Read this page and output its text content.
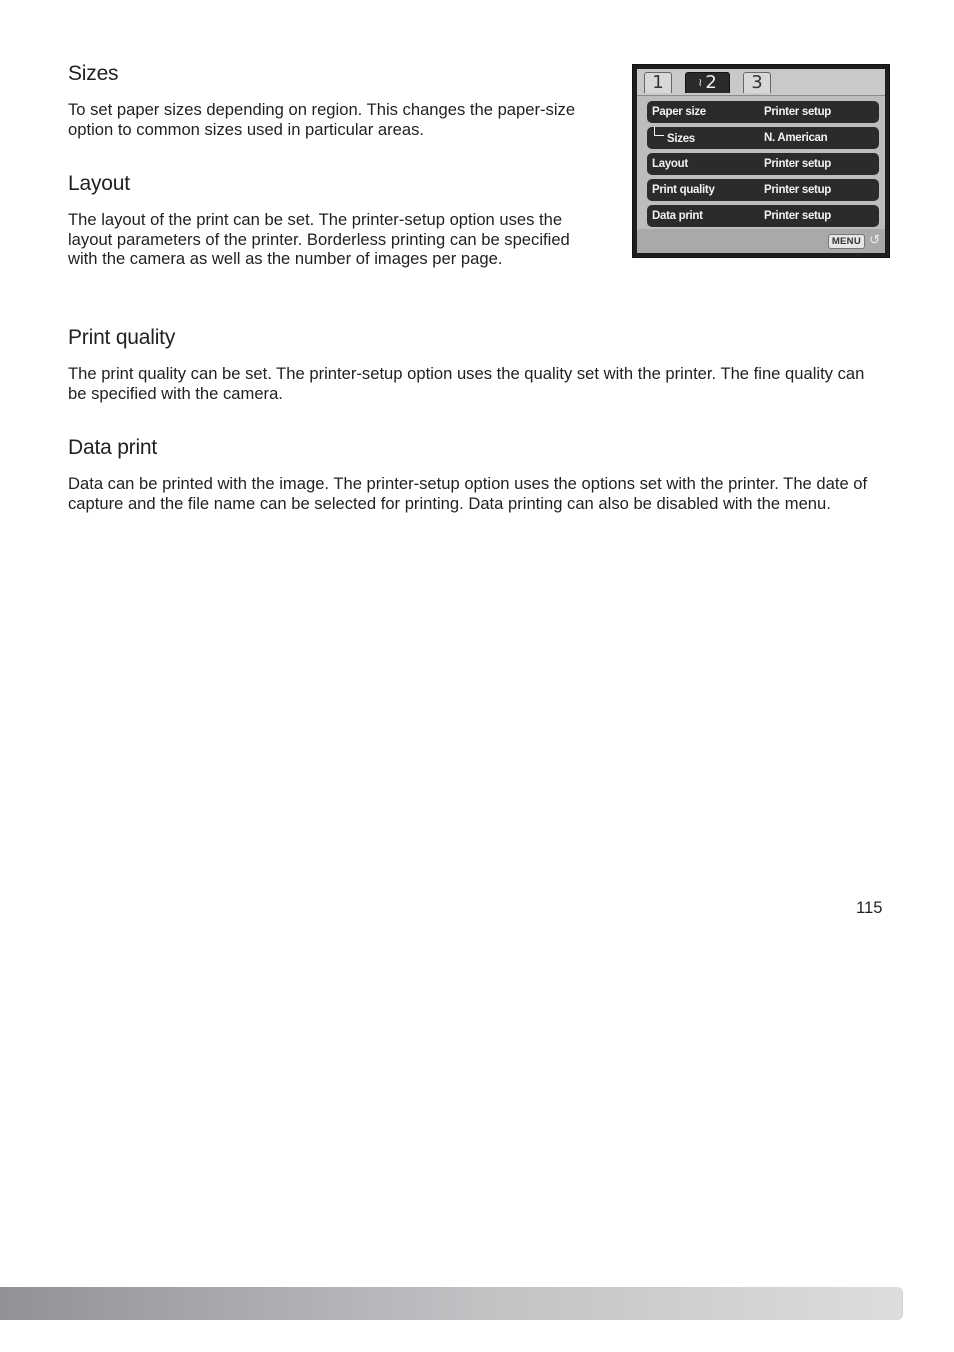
Sizes

To set paper sizes depending on region. This changes the paper-size option to common sizes used in particular areas.

Layout

The layout of the print can be set. The printer-setup option uses the layout parameters of the printer. Borderless printing can be specified with the camera as well as the number of images per page.

Print quality

The print quality can be set. The printer-setup option uses the quality set with the printer. The fine quality can be specified with the camera.

Data print

Data can be printed with the image. The printer-setup option uses the options set with the printer. The date of capture and the file name can be selected for printing. Data printing can also be disabled with the menu.

1	≀ 2	3
Paper size	Printer setup
Sizes	N. American
Layout	Printer setup
Print quality	Printer setup
Data print	Printer setup
MENU ↺
115
